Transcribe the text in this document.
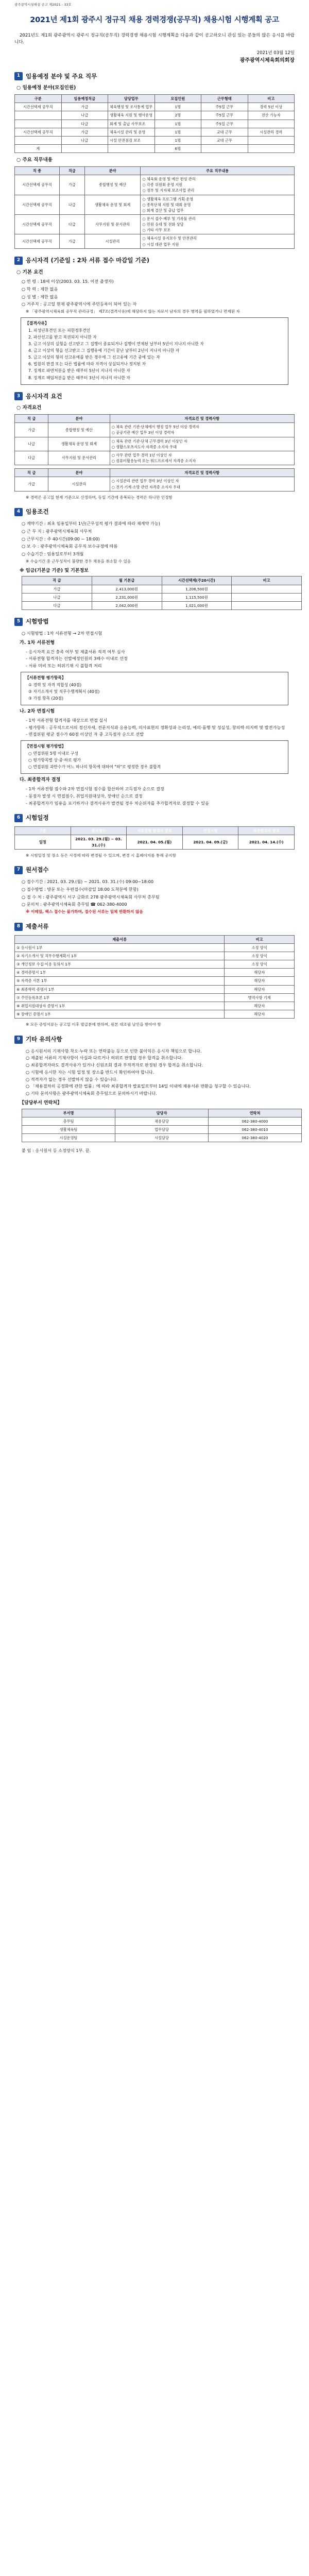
광주광역시청해설 공고 제2021 - 33호
2021년 제1회 광주시 정규직 채용 경력경쟁(공무직) 채용시험 시행계획 공고

2021년도 제1회 광주광역시 광주시 정규직(공무직) 경력경쟁 채용시험 시행계획을 다음과 같이 공고하오니 관심 있는 분들의 많은 응시를 바랍니다.

2021년 03월 12일
광주광역시체육회의회장
1 임용예정 분야 및 주요 직무
○ 임용예정 분야(모집인원)
구분	임용예정직급	담당업무	모집인원	근무형태	비고

시간선택제 공무직	가급	체육행정 및 조사통계 업무	1명	주5일 근무	경력 5년 이상

	나급	생활체육 지원 및 행사운영	2명	주5일 근무	전산 가능자

	다급	회계 및 출납 사무보조	1명	주5일 근무	

시간선택제 공무직	가급	체육시설 관리 및 운영	1명	교대 근무	시설관리 경력

	나급	시설 안전점검 보조	1명	교대 근무	

계			6명		

○ 주요 직무내용
직 종	직급	분야	주요 직무내용

시간선택제 공무직	가급	종합행정 및 예산	○ 체육회 운영 및 예산 편성 관리
○ 각종 위원회 운영 지원
○ 정부 및 지자체 보조사업 관리

시간선택제 공무직	나급	생활체육 운영 및 회계	○ 생활체육 프로그램 기획·운영
○ 종목단체 지원 및 대회 운영
○ 회계 결산 및 출납 업무

시간선택제 공무직	다급	사무지원 및 문서관리	○ 문서 접수·배부 및 기록물 관리
○ 민원 응대 및 전화 상담
○ 기타 사무 보조

시간선택제 공무직	가급	시설관리	○ 체육시설 유지보수 및 안전관리
○ 시설 대관 업무 지원
2 응시자격 (기준일 : 2차 서류 접수 마감일 기준)
○ 기본 요건

○ 연 령 : 18세 이상(2003. 03. 15. 이전 출생자)

○ 학 력 : 제한 없음

○ 성 별 : 제한 없음

○ 거주지 : 공고일 현재 광주광역시에 주민등록이 되어 있는 자

※ 「광주광역시체육회 공무직 관리규정」 제7조(결격사유)에 해당하지 않는 자로서 남자의 경우 병역을 필하였거나 면제된 자

【결격사유】

1. 피성년후견인 또는 피한정후견인

2. 파산선고를 받고 복권되지 아니한 자

3. 금고 이상의 실형을 선고받고 그 집행이 종료되거나 집행이 면제된 날부터 5년이 지나지 아니한 자

4. 금고 이상의 형을 선고받고 그 집행유예 기간이 끝난 날부터 2년이 지나지 아니한 자

5. 금고 이상의 형의 선고유예를 받은 경우에 그 선고유예 기간 중에 있는 자

6. 법원의 판결 또는 다른 법률에 따라 자격이 상실되거나 정지된 자

7. 징계로 파면처분을 받은 때부터 5년이 지나지 아니한 자

8. 징계로 해임처분을 받은 때부터 3년이 지나지 아니한 자

3 응시자격 요건
○ 자격요건
직 급	분야	자격요건 및 경력사항

가급	종합행정 및 예산	○ 체육 관련 기관·단체에서 행정 업무 5년 이상 경력자
○ 공공기관 예산 업무 3년 이상 경력자

나급	생활체육 운영 및 회계	○ 체육 관련 기관·단체 근무경력 3년 이상인 자
○ 생활스포츠지도사 자격증 소지자 우대

다급	사무지원 및 문서관리	○ 사무 관련 업무 경력 1년 이상인 자
○ 컴퓨터활용능력 또는 워드프로세서 자격증 소지자
직 급	분야	자격요건 및 경력사항

가급	시설관리	○ 시설관리 관련 업무 경력 3년 이상인 자
○ 전기·기계·소방 관련 자격증 소지자 우대

※ 경력은 공고일 현재 기준으로 산정하며, 동일 기간에 중복되는 경력은 하나만 인정함

4 임용조건

○ 계약기간 : 최초 임용일부터 1년(근무성적 평가 결과에 따라 재계약 가능)

○ 근 무 지 : 광주광역시체육회 사무처

○ 근무시간 : 주 40시간(09:00 ~ 18:00)

○ 보 수 : 광주광역시체육회 공무직 보수규정에 따름

○ 수습기간 : 임용일로부터 3개월

※ 수습기간 중 근무성적이 불량한 경우 채용을 취소할 수 있음

※ 임금(기본급 기준) 및 기본정보
직 급	월 기본급	시간선택제(주20시간)	비고

가급	2,413,000원	1,206,500원	

나급	2,231,000원	1,115,500원	

다급	2,042,000원	1,021,000원	

5 시험방법

○ 시험방법 : 1차 서류전형 → 2차 면접시험

가. 1차 서류전형

- 응시자격 요건 충족 여부 및 제출서류 적격 여부 심사

- 서류전형 합격자는 선발예정인원의 3배수 이내로 선정

- 서류 미비 또는 허위기재 시 불합격 처리

【서류전형 평가항목】

① 경력 및 자격 적합성 (40점)

② 자기소개서 및 직무수행계획서 (40점)

③ 가점 항목 (20점)

나. 2차 면접시험

- 1차 서류전형 합격자를 대상으로 면접 실시

- 평가항목 : 공무직으로서의 정신자세, 전문지식과 응용능력, 의사표현의 정확성과 논리성, 예의·품행 및 성실성, 창의력·의지력 및 발전가능성

- 면접위원 평균 점수가 60점 이상인 자 중 고득점자 순으로 선발

【면접시험 평가방법】

○ 면접위원 5명 이내로 구성

○ 평가항목별 상·중·하로 평가

○ 면접위원 과반수가 어느 하나의 항목에 대하여 "하"로 평정한 경우 불합격

다. 최종합격자 결정

- 1차 서류전형 점수와 2차 면접시험 점수를 합산하여 고득점자 순으로 결정

- 동점자 발생 시 면접점수, 취업지원대상자, 장애인 순으로 결정

- 최종합격자가 임용을 포기하거나 결격사유가 발견될 경우 차순위자를 추가합격자로 결정할 수 있음

6 시험일정
구분	원서접수	서류전형 합격자 발표	면접시험	최종합격자 발표

일정	2021. 03. 29.(월) ~ 03. 31.(수)	2021. 04. 05.(월)	2021. 04. 09.(금)	2021. 04. 14.(수)

※ 시험일정 및 장소 등은 사정에 따라 변경될 수 있으며, 변경 시 홈페이지를 통해 공지함

7 원서접수

○ 접수기간 : 2021. 03. 29.(월) ~ 2021. 03. 31.(수) 09:00~18:00

○ 접수방법 : 방문 또는 우편접수(마감일 18:00 도착분에 한함)

○ 접 수 처 : 광주광역시 서구 금화로 278 광주광역시체육회 사무처 총무팀

○ 문의처 : 광주광역시체육회 총무팀 ☎ 062-380-4000

※ 이메일, 팩스 접수는 불가하며, 접수된 서류는 일체 반환하지 않음

8 제출서류
제출서류	비고

① 응시원서 1부	소정 양식

② 자기소개서 및 직무수행계획서 1부	소정 양식

③ 개인정보 수집·이용 동의서 1부	소정 양식

④ 경력증명서 1부	해당자

⑤ 자격증 사본 1부	해당자

⑥ 최종학력 증명서 1부	해당자

⑦ 주민등록초본 1부	병역사항 기재

⑧ 취업지원대상자 증명서 1부	해당자

⑨ 장애인 증명서 1부	해당자

※ 모든 증빙서류는 공고일 이후 발급분에 한하며, 원본 대조필 날인을 받아야 함

9 기타 유의사항

○ 응시원서의 기재사항 착오·누락 또는 연락불능 등으로 인한 불이익은 응시자 책임으로 합니다.

○ 제출된 서류의 기재사항이 사실과 다르거나 허위로 판명될 경우 합격을 취소합니다.

○ 최종합격자라도 결격사유가 있거나 신원조회 결과 부적격자로 판정된 경우 합격을 취소합니다.

○ 시험에 응시한 자는 시험 일정 및 장소를 반드시 확인하여야 합니다.

○ 적격자가 없는 경우 선발하지 않을 수 있습니다.

○ 「채용절차의 공정화에 관한 법률」에 따라 최종합격자 발표일로부터 14일 이내에 채용서류 반환을 청구할 수 있습니다.

○ 기타 문의사항은 광주광역시체육회 총무팀으로 문의하시기 바랍니다.

【담당부서 연락처】
부서명	담당자	연락처

총무팀	채용담당	062-380-4000

생활체육팀	업무담당	062-380-4010

시설운영팀	시설담당	062-380-4020

붙 임 : 응시원서 등 소정양식 1부. 끝.
